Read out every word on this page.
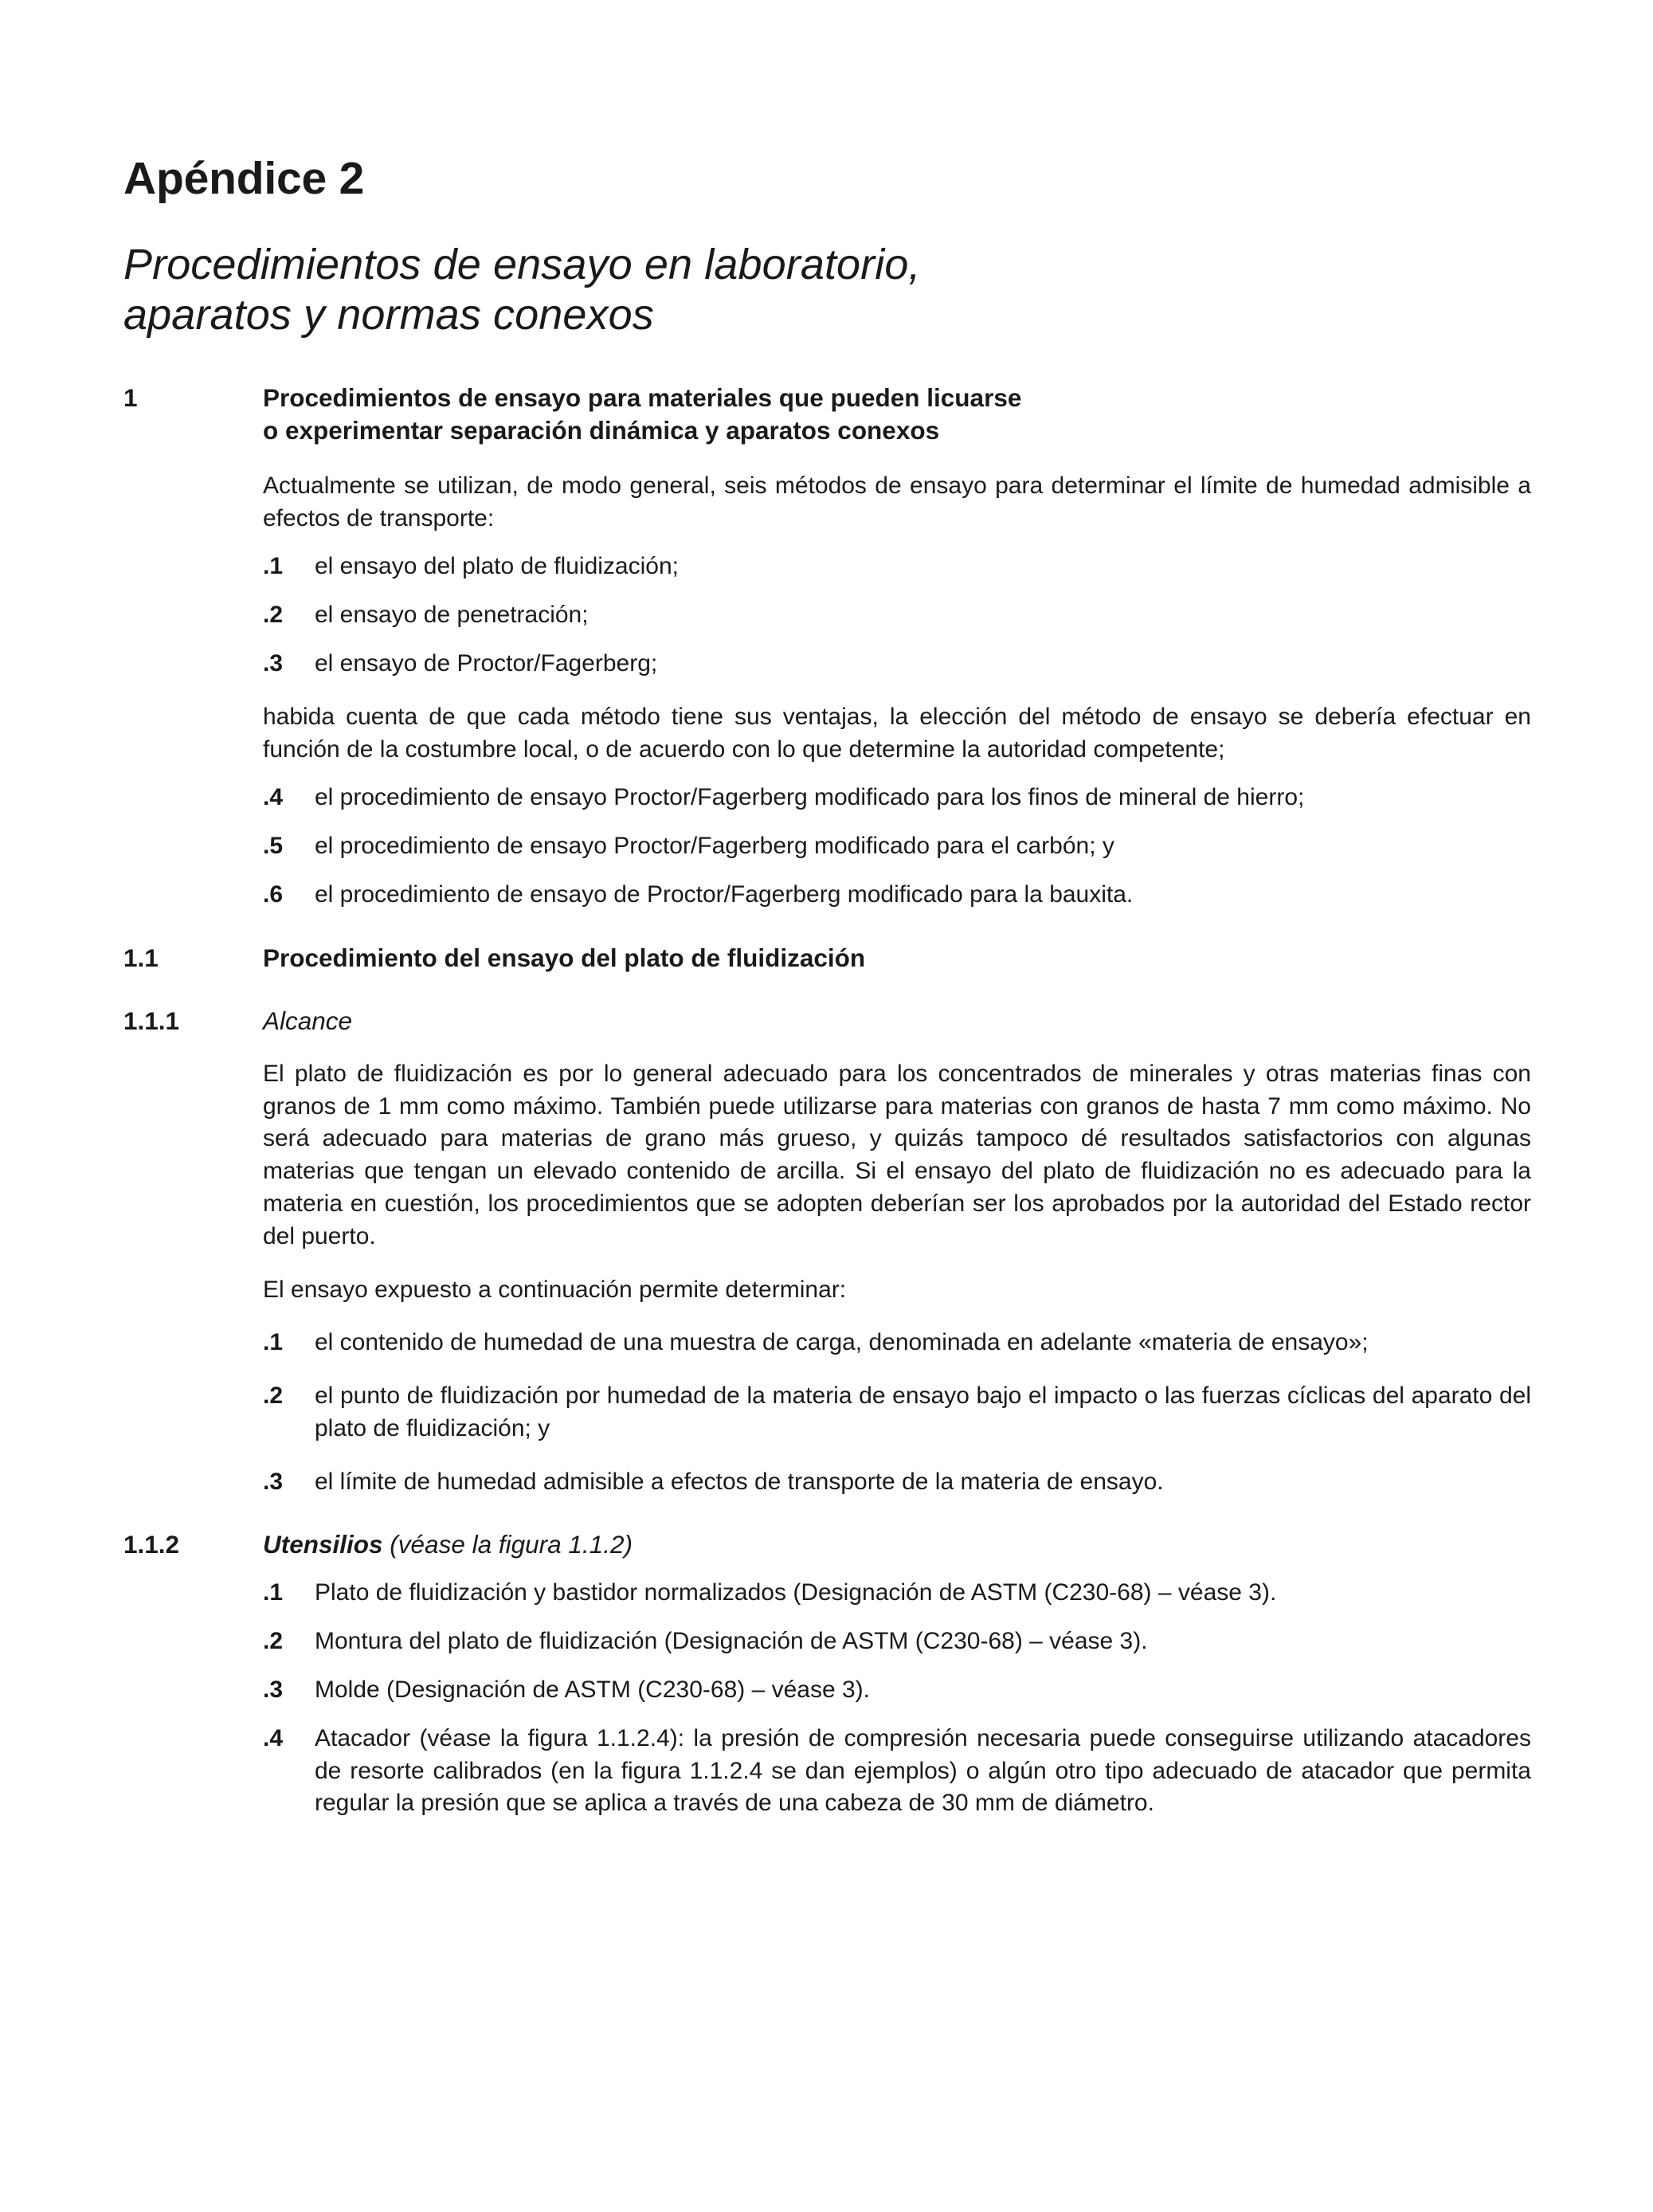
Apéndice 2
Procedimientos de ensayo en laboratorio,
aparatos y normas conexos
1	Procedimientos de ensayo para materiales que pueden licuarse
o experimentar separación dinámica y aparatos conexos

Actualmente se utilizan, de modo general, seis métodos de ensayo para determinar el límite de humedad admisible a efectos de transporte:

.1 el ensayo del plato de fluidización;
.2 el ensayo de penetración;
.3 el ensayo de Proctor/Fagerberg;

habida cuenta de que cada método tiene sus ventajas, la elección del método de ensayo se debería efectuar en función de la costumbre local, o de acuerdo con lo que determine la autoridad competente;

.4 el procedimiento de ensayo Proctor/Fagerberg modificado para los finos de mineral de hierro;
.5 el procedimiento de ensayo Proctor/Fagerberg modificado para el carbón; y
.6 el procedimiento de ensayo de Proctor/Fagerberg modificado para la bauxita.
1.1	Procedimiento del ensayo del plato de fluidización
1.1.1	Alcance

El plato de fluidización es por lo general adecuado para los concentrados de minerales y otras materias finas con granos de 1 mm como máximo. También puede utilizarse para materias con granos de hasta 7 mm como máximo. No será adecuado para materias de grano más grueso, y quizás tampoco dé resultados satisfactorios con algunas materias que tengan un elevado contenido de arcilla. Si el ensayo del plato de fluidización no es adecuado para la materia en cuestión, los procedimientos que se adopten deberían ser los aprobados por la autoridad del Estado rector del puerto.

El ensayo expuesto a continuación permite determinar:

.1 el contenido de humedad de una muestra de carga, denominada en adelante «materia de ensayo»;
.2 el punto de fluidización por humedad de la materia de ensayo bajo el impacto o las fuerzas cíclicas del aparato del plato de fluidización; y
.3 el límite de humedad admisible a efectos de transporte de la materia de ensayo.
1.1.2	Utensilios (véase la figura 1.1.2)
.1 Plato de fluidización y bastidor normalizados (Designación de ASTM (C230-68) – véase 3).
.2 Montura del plato de fluidización (Designación de ASTM (C230-68) – véase 3).
.3 Molde (Designación de ASTM (C230-68) – véase 3).
.4 Atacador (véase la figura 1.1.2.4): la presión de compresión necesaria puede conseguirse utilizando atacadores de resorte calibrados (en la figura 1.1.2.4 se dan ejemplos) o algún otro tipo adecuado de atacador que permita regular la presión que se aplica a través de una cabeza de 30 mm de diámetro.
